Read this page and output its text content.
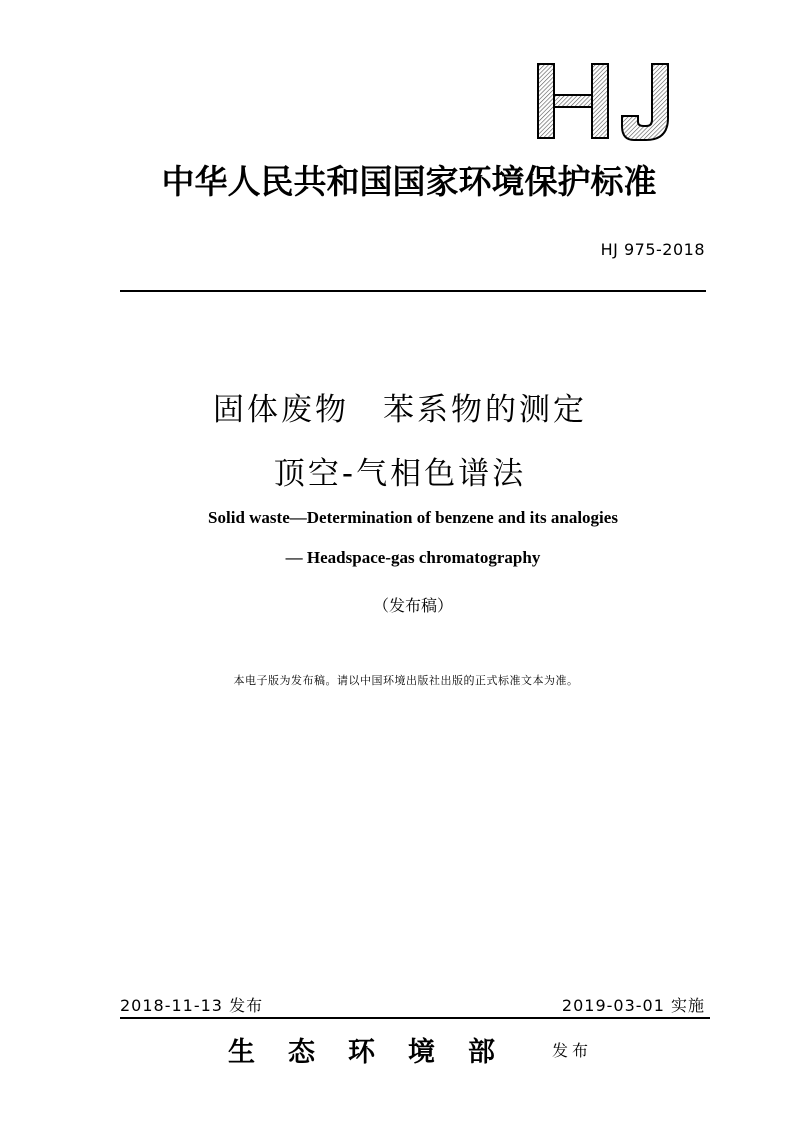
HJ
中华人民共和国国家环境保护标准
HJ 975-2018
固体废物　苯系物的测定
顶空-气相色谱法
Solid waste—Determination of benzene and its analogies
— Headspace-gas chromatography
（发布稿）
本电子版为发布稿。请以中国环境出版社出版的正式标准文本为准。
2018-11-13 发布	2019-03-01 实施
生态环境部 发布
